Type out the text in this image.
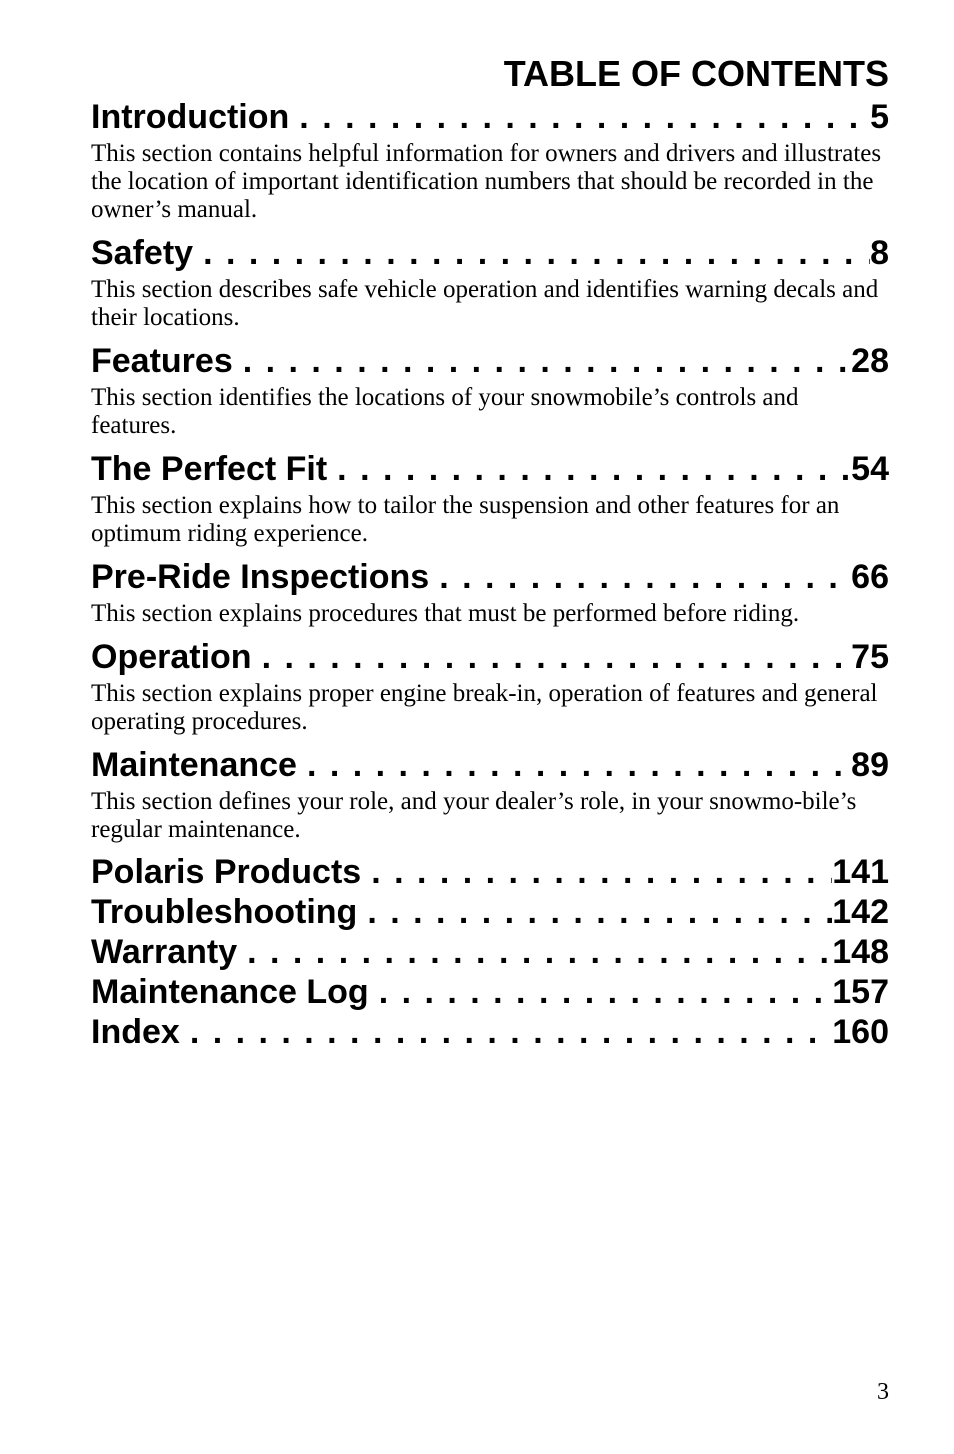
TABLE OF CONTENTS
Introduction . . .	5

This section contains helpful information for owners and drivers and illustrates the location of important identification numbers that should be recorded in the owner’s manual.

Safety . . .	8

This section describes safe vehicle operation and identifies warning decals and their locations.

Features . . .	28

This section identifies the locations of your snowmobile’s controls and features.

The Perfect Fit . . .	54

This section explains how to tailor the suspension and other features for an optimum riding experience.

Pre-Ride Inspections . . .	66

This section explains procedures that must be performed before riding.

Operation . . .	75

This section explains proper engine break-in, operation of features and general operating procedures.

Maintenance . . .	89

This section defines your role, and your dealer’s role, in your snowmo-bile’s regular maintenance.

Polaris Products . . .	141
Troubleshooting . . .	142
Warranty . . .	148
Maintenance Log . . .	157
Index . . .	160
3
